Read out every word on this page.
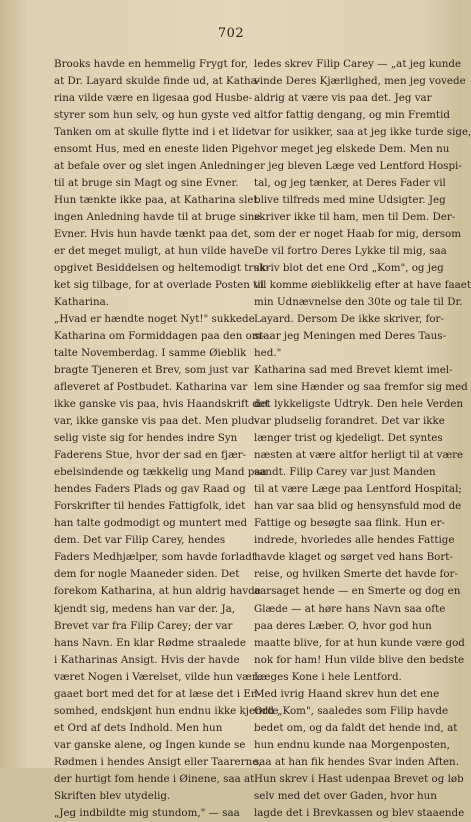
702
Brooks havde en hemmelig Frygt for,
at Dr. Layard skulde finde ud, at Katha-
rina vilde være en ligesaa god Husbe-
styrer som hun selv, og hun gyste ved
Tanken om at skulle flytte ind i et lidet
ensomt Hus, med en eneste liden Pige
at befale over og slet ingen Anledning
til at bruge sin Magt og sine Evner.
Hun tænkte ikke paa, at Katharina slet
ingen Anledning havde til at bruge sine
Evner. Hvis hun havde tænkt paa det,
er det meget muligt, at hun vilde have
opgivet Besiddelsen og heltemodigt truk-
ket sig tilbage, for at overlade Posten til
Katharina.
„Hvad er hændte noget Nyt!" sukkede
Katharina om Formiddagen paa den om-
talte Novemberdag. I samme Øieblik
bragte Tjeneren et Brev, som just var
afleveret af Postbudet. Katharina var
ikke ganske vis paa, hvis Haandskrift det
var, ikke ganske vis paa det. Men plud-
selig viste sig for hendes indre Syn
Faderens Stue, hvor der sad en fjær-
ebelsindende og tækkelig ung Mand paa
hendes Faders Plads og gav Raad og
Forskrifter til hendes Fattigfolk, idet
han talte godmodigt og muntert med
dem. Det var Filip Carey, hendes
Faders Medhjælper, som havde forladt
dem for nogle Maaneder siden. Det
forekom Katharina, at hun aldrig havde
kjendt sig, medens han var der. Ja,
Brevet var fra Filip Carey; der var
hans Navn. En klar Rødme straalede
i Katharinas Ansigt. Hvis der havde
været Nogen i Værelset, vilde hun være
gaaet bort med det for at læse det i En-
somhed, endskjønt hun endnu ikke kjendte
et Ord af dets Indhold. Men hun
var ganske alene, og Ingen kunde se
Rødmen i hendes Ansigt eller Taarerne,
der hurtigt fom hende i Øinene, saa at
Skriften blev utydelig.
„Jeg indbildte mig stundom," — saa
ledes skrev Filip Carey — „at jeg kunde
vinde Deres Kjærlighed, men jeg vovede
aldrig at være vis paa det. Jeg var
altfor fattig dengang, og min Fremtid
var for usikker, saa at jeg ikke turde sige,
hvor meget jeg elskede Dem. Men nu
er jeg bleven Læge ved Lentford Hospi-
tal, og jeg tænker, at Deres Fader vil
blive tilfreds med mine Udsigter. Jeg
skriver ikke til ham, men til Dem. Der-
som der er noget Haab for mig, dersom
De vil fortro Deres Lykke til mig, saa
skriv blot det ene Ord „Kom", og jeg
vil komme øieblikkelig efter at have faaet
min Udnævnelse den 30te og tale til Dr.
Layard. Dersom De ikke skriver, for-
staar jeg Meningen med Deres Taus-
hed."
Katharina sad med Brevet klemt imel-
lem sine Hænder og saa fremfor sig med
det lykkeligste Udtryk. Den hele Verden
var pludselig forandret. Det var ikke
længer trist og kjedeligt. Det syntes
næsten at være altfor herligt til at være
sandt. Filip Carey var just Manden
til at være Læge paa Lentford Hospital;
han var saa blid og hensynsfuld mod de
Fattige og besøgte saa flink. Hun er-
indrede, hvorledes alle hendes Fattige
havde klaget og sørget ved hans Bort-
reise, og hvilken Smerte det havde for-
aarsaget hende — en Smerte og dog en
Glæde — at høre hans Navn saa ofte
paa deres Læber. O, hvor god hun
maatte blive, for at hun kunde være god
nok for ham! Hun vilde blive den bedste
Læges Kone i hele Lentford.
Med ivrig Haand skrev hun det ene
Ord „Kom", saaledes som Filip havde
bedet om, og da faldt det hende ind, at
hun endnu kunde naa Morgenposten,
saa at han fik hendes Svar inden Aften.
Hun skrev i Hast udenpaa Brevet og løb
selv med det over Gaden, hvor hun
lagde det i Brevkassen og blev staaende
